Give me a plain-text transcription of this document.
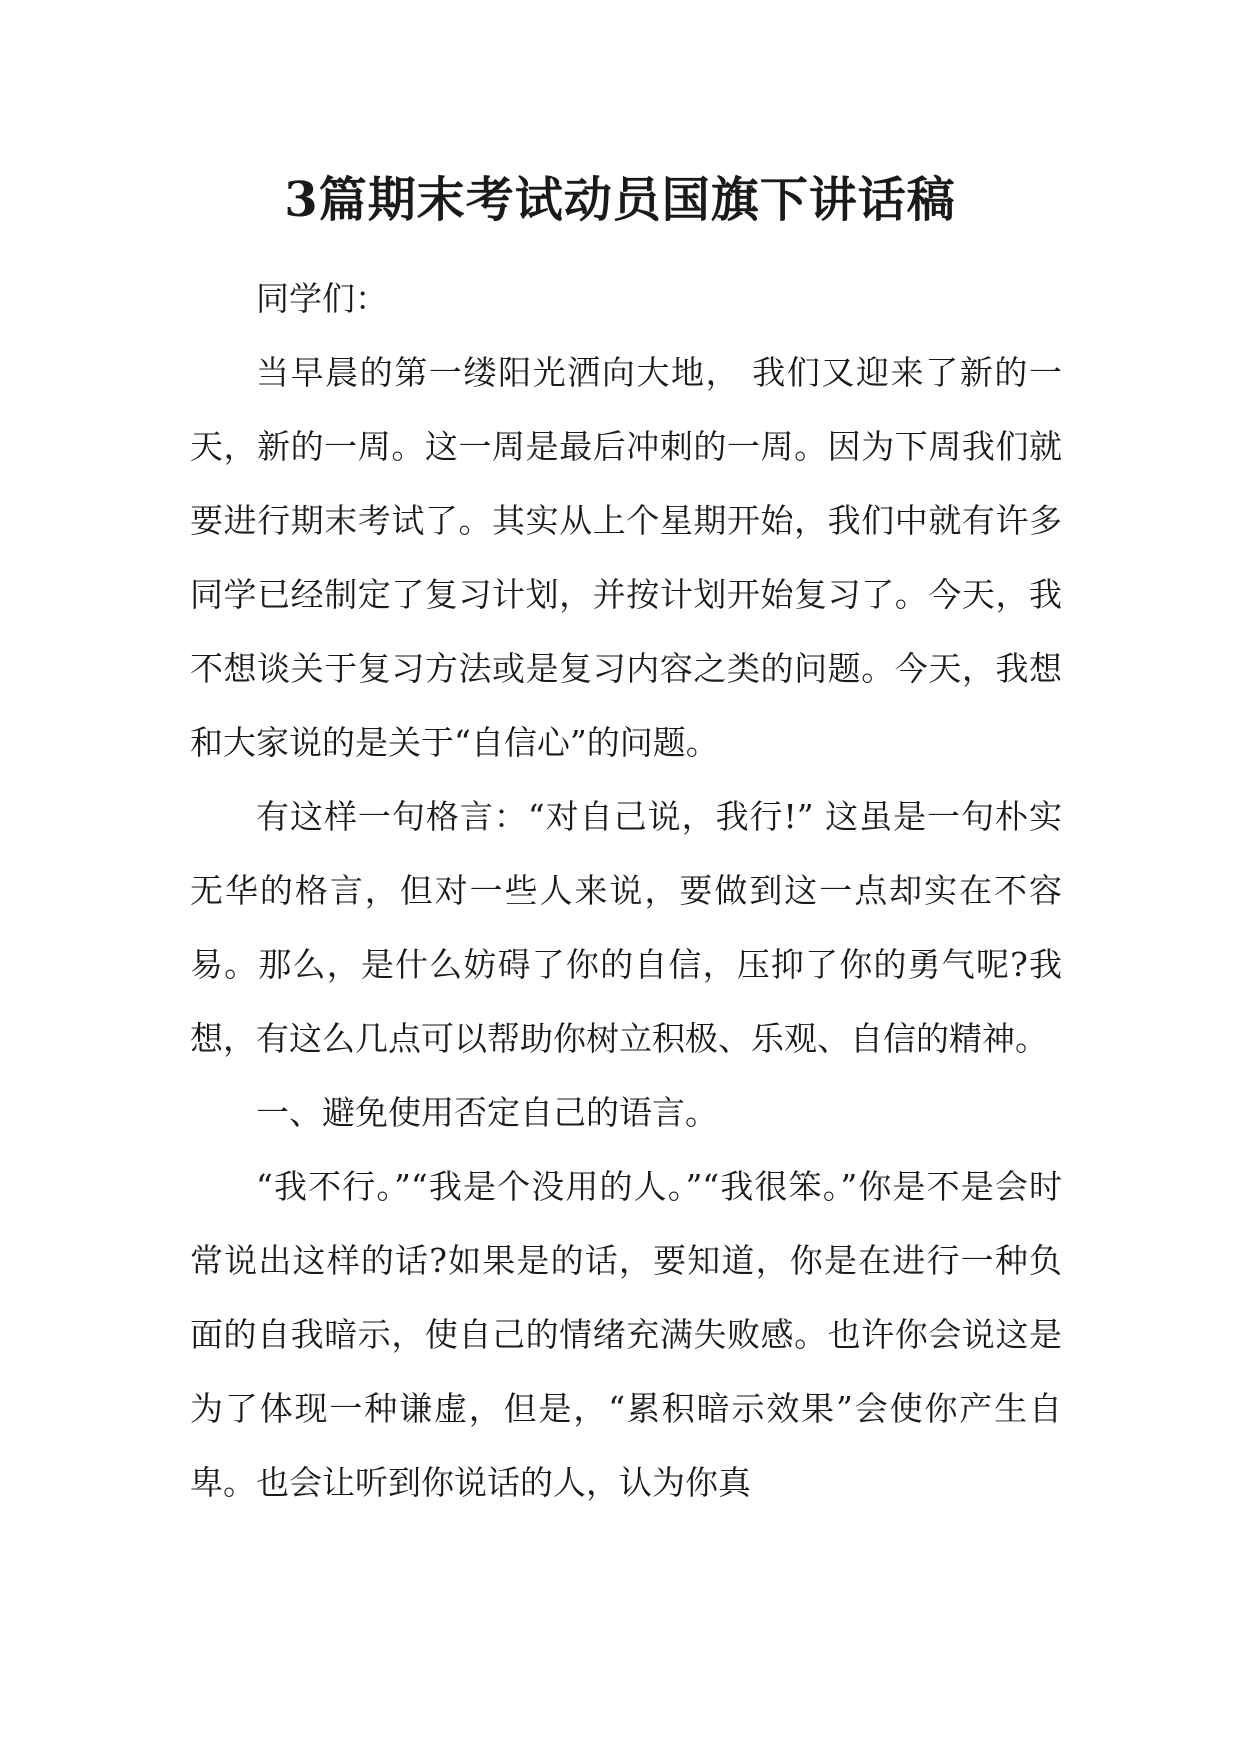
3篇期末考试动员国旗下讲话稿

同学们：

当早晨的第一缕阳光洒向大地， 我们又迎来了新的一天，新的一周。这一周是最后冲刺的一周。因为下周我们就要进行期末考试了。其实从上个星期开始，我们中就有许多同学已经制定了复习计划，并按计划开始复习了。今天，我不想谈关于复习方法或是复习内容之类的问题。今天，我想和大家说的是关于“自信心”的问题。

有这样一句格言：“对自己说，我行!” 这虽是一句朴实无华的格言，但对一些人来说，要做到这一点却实在不容易。那么，是什么妨碍了你的自信，压抑了你的勇气呢?我想，有这么几点可以帮助你树立积极、乐观、自信的精神。

一、避免使用否定自己的语言。

“我不行。”“我是个没用的人。”“我很笨。”你是不是会时常说出这样的话?如果是的话，要知道，你是在进行一种负面的自我暗示，使自己的情绪充满失败感。也许你会说这是为了体现一种谦虚，但是，“累积暗示效果”会使你产生自卑。也会让听到你说话的人，认为你真
